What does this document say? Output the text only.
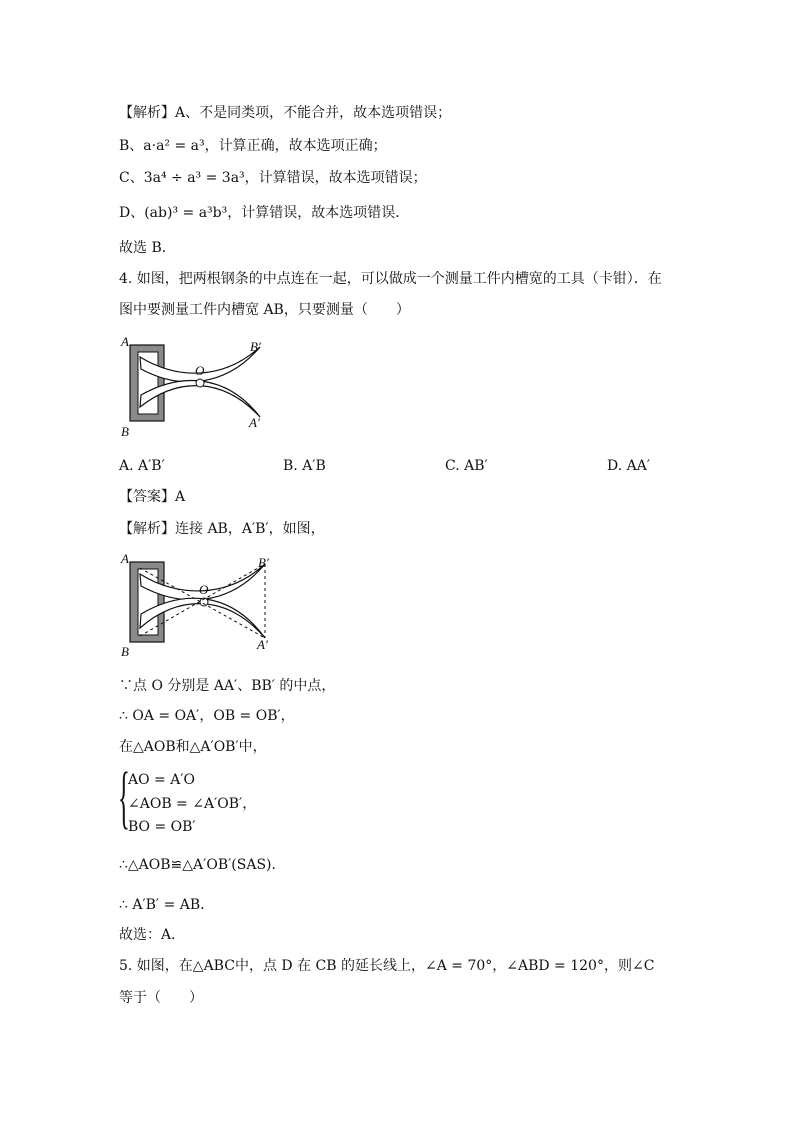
【解析】A、不是同类项，不能合并，故本选项错误；
B、a·a² = a³，计算正确，故本选项正确；
C、3a⁴ ÷ a³ = 3a³，计算错误，故本选项错误；
D、(ab)³ = a³b³，计算错误，故本选项错误．
故选 B．
4. 如图，把两根钢条的中点连在一起，可以做成一个测量工件内槽宽的工具（卡钳）．在
图中要测量工件内槽宽 AB，只要测量（　　）
A
B
O
B′
A′
A. A′B′	B. A′B	C. AB′	D. AA′
【答案】A
【解析】连接 AB，A′B′，如图，
A
B
O
B′
A′
∵点 O 分别是 AA′、BB′ 的中点，
∴ OA = OA′，OB = OB′，
在△AOB和△A′OB′中，
{
AO = A′O
∠AOB = ∠A′OB′，
BO = OB′
∴△AOB≌△A′OB′(SAS)．
∴ A′B′ = AB．
故选：A．
5. 如图，在△ABC中，点 D 在 CB 的延长线上，∠A = 70°，∠ABD = 120°，则∠C
等于（　　）
